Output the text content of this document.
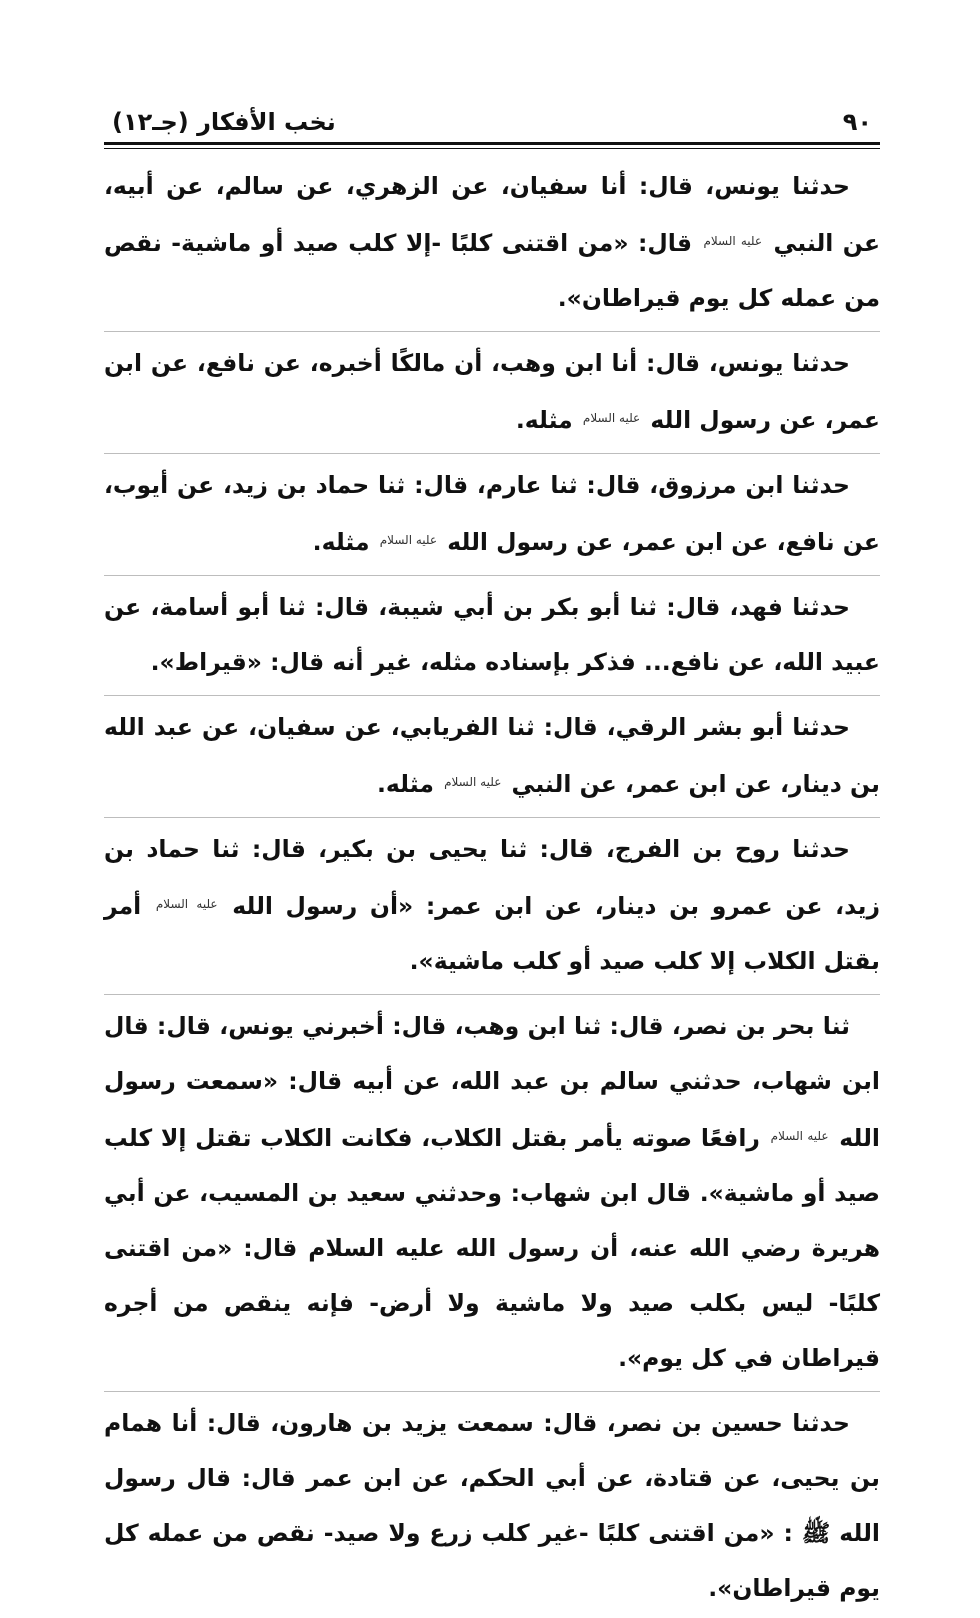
٩٠
نخب الأفكار (جـ١٢)

حدثنا يونس، قال: أنا سفيان، عن الزهري، عن سالم، عن أبيه، عن النبي $^{عليه السلام}$ قال: «من اقتنى كلبًا -إلا كلب صيد أو ماشية- نقص من عمله كل يوم قيراطان».

حدثنا يونس، قال: أنا ابن وهب، أن مالكًا أخبره، عن نافع، عن ابن عمر، عن رسول الله $^{عليه السلام}$ مثله.

حدثنا ابن مرزوق، قال: ثنا عارم، قال: ثنا حماد بن زيد، عن أيوب، عن نافع، عن ابن عمر، عن رسول الله $^{عليه السلام}$ مثله.

حدثنا فهد، قال: ثنا أبو بكر بن أبي شيبة، قال: ثنا أبو أسامة، عن عبيد الله، عن نافع... فذكر بإسناده مثله، غير أنه قال: «قيراط».

حدثنا أبو بشر الرقي، قال: ثنا الفريابي، عن سفيان، عن عبد الله بن دينار، عن ابن عمر، عن النبي $^{عليه السلام}$ مثله.

حدثنا روح بن الفرج، قال: ثنا يحيى بن بكير، قال: ثنا حماد بن زيد، عن عمرو بن دينار، عن ابن عمر: «أن رسول الله $^{عليه السلام}$ أمر بقتل الكلاب إلا كلب صيد أو كلب ماشية».

ثنا بحر بن نصر، قال: ثنا ابن وهب، قال: أخبرني يونس، قال: قال ابن شهاب، حدثني سالم بن عبد الله، عن أبيه قال: «سمعت رسول الله $^{عليه السلام}$ رافعًا صوته يأمر بقتل الكلاب، فكانت الكلاب تقتل إلا كلب صيد أو ماشية». قال ابن شهاب: وحدثني سعيد بن المسيب، عن أبي هريرة رضي الله عنه، أن رسول الله عليه السلام قال: «من اقتنى كلبًا- ليس بكلب صيد ولا ماشية ولا أرض- فإنه ينقص من أجره قيراطان في كل يوم».

حدثنا حسين بن نصر، قال: سمعت يزيد بن هارون، قال: أنا همام بن يحيى، عن قتادة، عن أبي الحكم، عن ابن عمر قال: قال رسول الله ﷺ : «من اقتنى كلبًا -غير كلب زرع ولا صيد- نقص من عمله كل يوم قيراطان».
